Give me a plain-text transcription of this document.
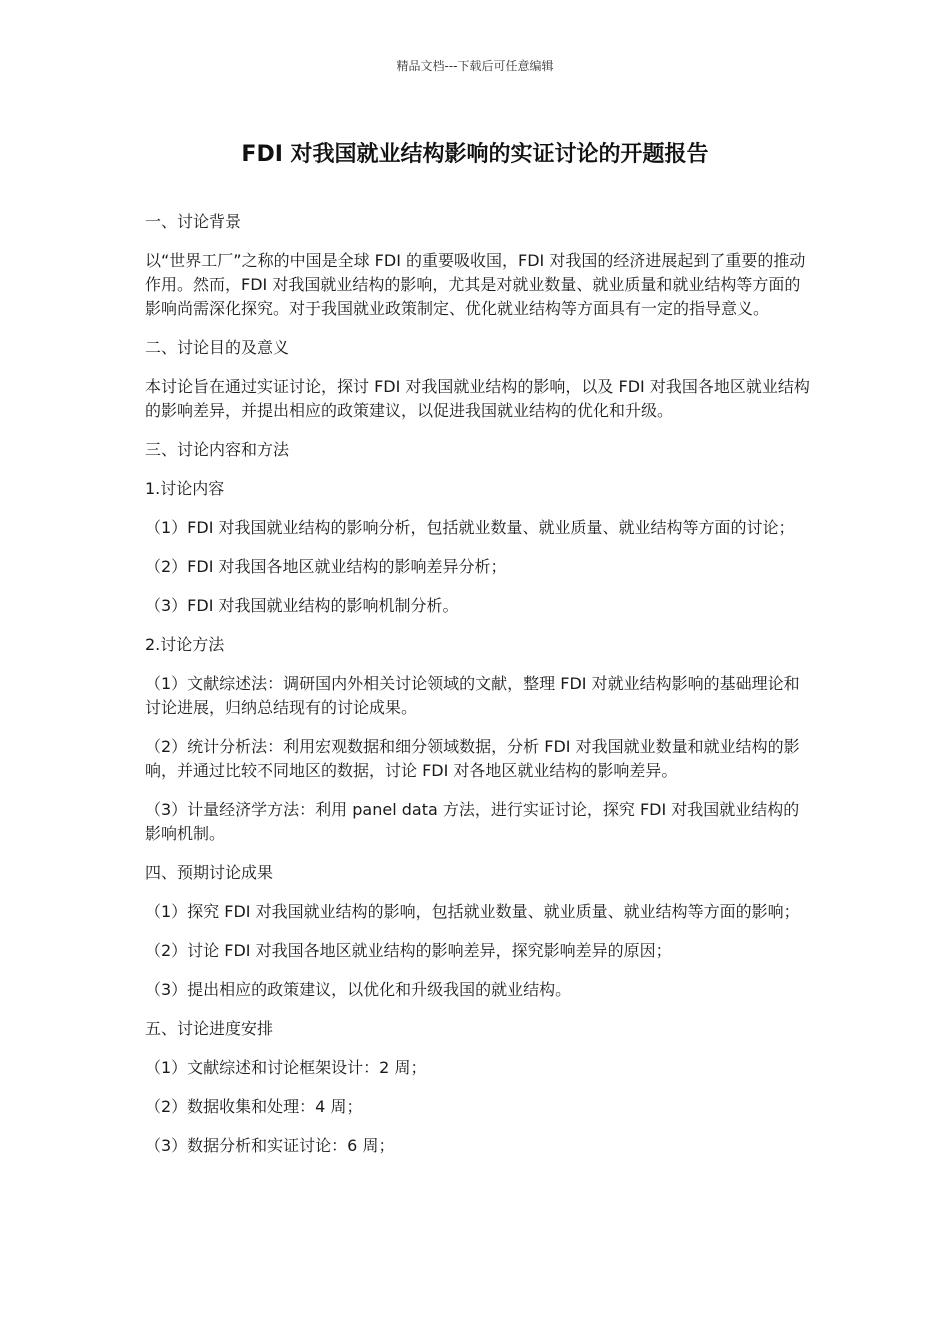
精品文档---下载后可任意编辑
FDI 对我国就业结构影响的实证讨论的开题报告

一、讨论背景

以“世界工厂”之称的中国是全球 FDI 的重要吸收国，FDI 对我国的经济进展起到了重要的推动作用。然而，FDI 对我国就业结构的影响，尤其是对就业数量、就业质量和就业结构等方面的影响尚需深化探究。对于我国就业政策制定、优化就业结构等方面具有一定的指导意义。

二、讨论目的及意义

本讨论旨在通过实证讨论，探讨 FDI 对我国就业结构的影响，以及 FDI 对我国各地区就业结构的影响差异，并提出相应的政策建议，以促进我国就业结构的优化和升级。

三、讨论内容和方法

1.讨论内容

（1）FDI 对我国就业结构的影响分析，包括就业数量、就业质量、就业结构等方面的讨论；

（2）FDI 对我国各地区就业结构的影响差异分析；

（3）FDI 对我国就业结构的影响机制分析。

2.讨论方法

（1）文献综述法：调研国内外相关讨论领域的文献，整理 FDI 对就业结构影响的基础理论和讨论进展，归纳总结现有的讨论成果。

（2）统计分析法：利用宏观数据和细分领域数据，分析 FDI 对我国就业数量和就业结构的影响，并通过比较不同地区的数据，讨论 FDI 对各地区就业结构的影响差异。

（3）计量经济学方法：利用 panel data 方法，进行实证讨论，探究 FDI 对我国就业结构的影响机制。

四、预期讨论成果

（1）探究 FDI 对我国就业结构的影响，包括就业数量、就业质量、就业结构等方面的影响；

（2）讨论 FDI 对我国各地区就业结构的影响差异，探究影响差异的原因；

（3）提出相应的政策建议，以优化和升级我国的就业结构。

五、讨论进度安排

（1）文献综述和讨论框架设计：2 周；

（2）数据收集和处理：4 周；

（3）数据分析和实证讨论：6 周；
